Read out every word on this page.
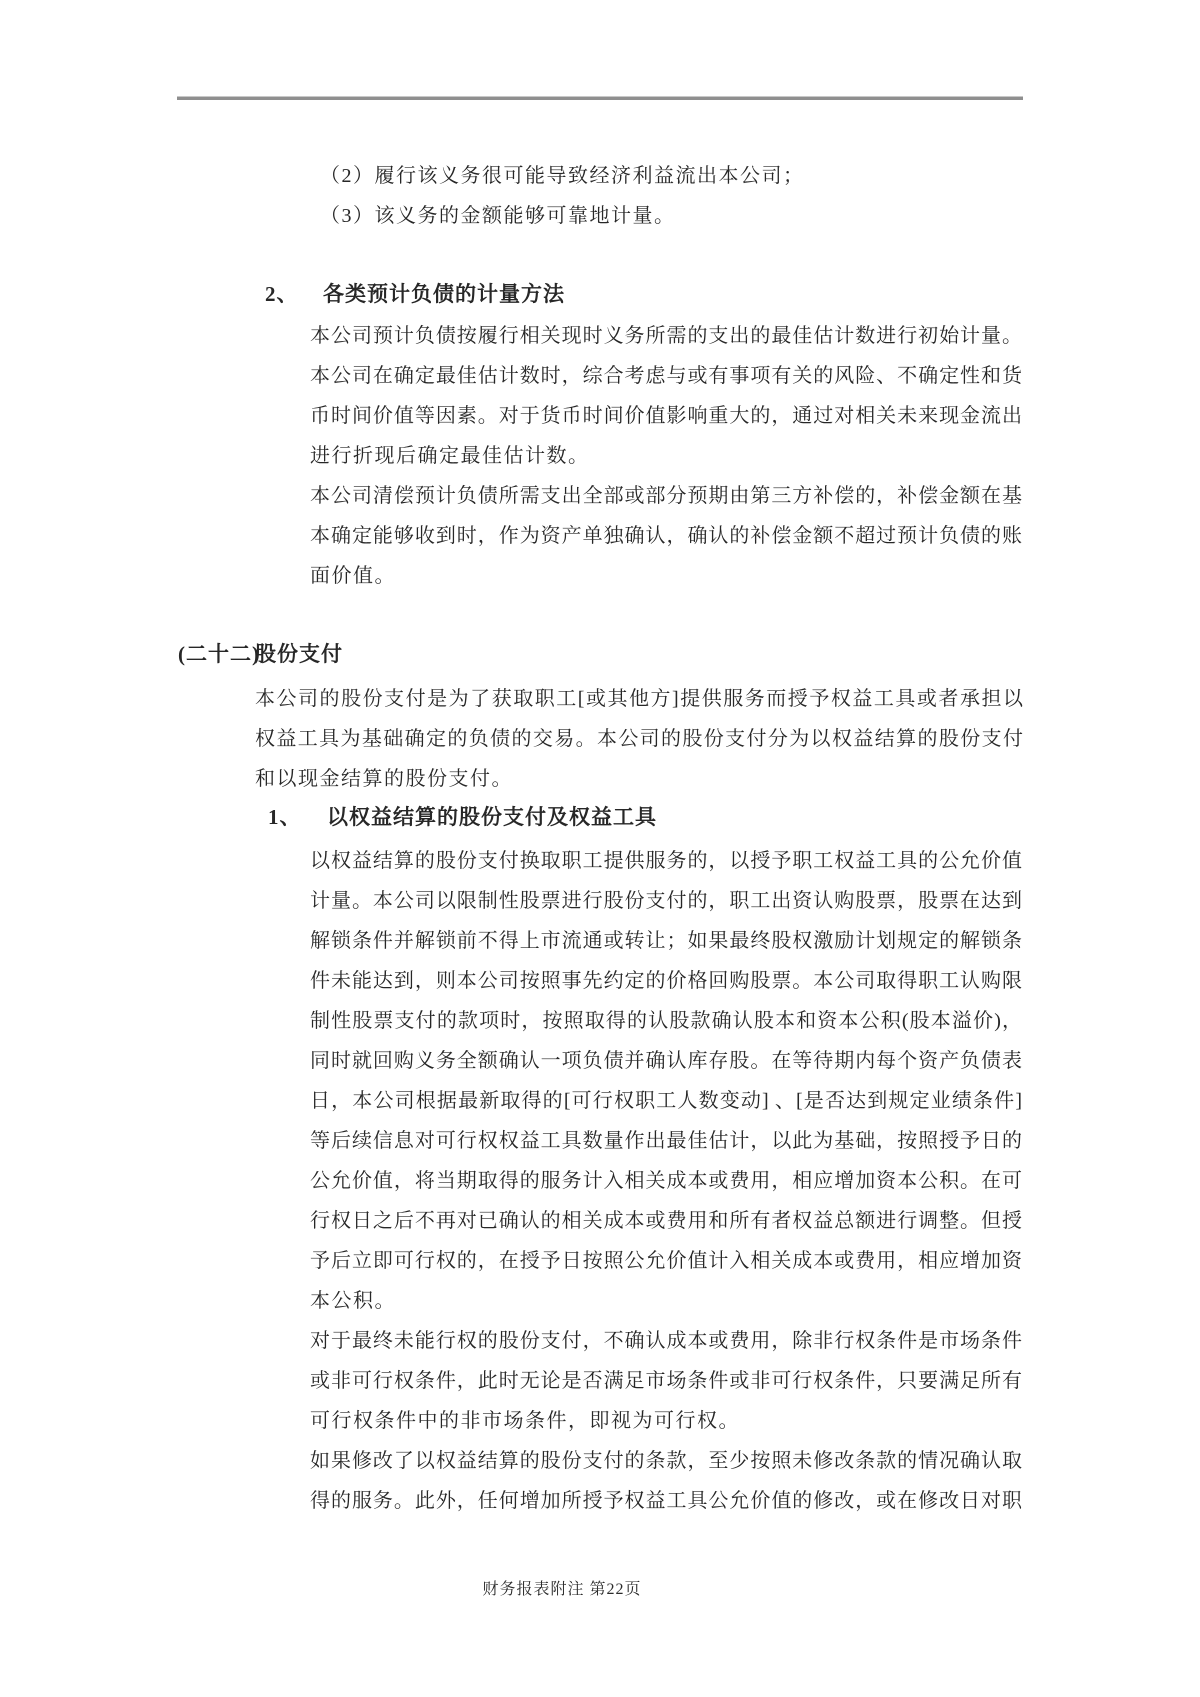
（2）履行该义务很可能导致经济利益流出本公司；
（3）该义务的金额能够可靠地计量。
2、 各类预计负债的计量方法
本公司预计负债按履行相关现时义务所需的支出的最佳估计数进行初始计量。
本公司在确定最佳估计数时，综合考虑与或有事项有关的风险、不确定性和货
币时间价值等因素。对于货币时间价值影响重大的，通过对相关未来现金流出
进行折现后确定最佳估计数。
本公司清偿预计负债所需支出全部或部分预期由第三方补偿的，补偿金额在基
本确定能够收到时，作为资产单独确认，确认的补偿金额不超过预计负债的账
面价值。
(二十二)股份支付
本公司的股份支付是为了获取职工[或其他方]提供服务而授予权益工具或者承担以
权益工具为基础确定的负债的交易。本公司的股份支付分为以权益结算的股份支付
和以现金结算的股份支付。
1、 以权益结算的股份支付及权益工具
以权益结算的股份支付换取职工提供服务的，以授予职工权益工具的公允价值
计量。本公司以限制性股票进行股份支付的，职工出资认购股票，股票在达到
解锁条件并解锁前不得上市流通或转让；如果最终股权激励计划规定的解锁条
件未能达到，则本公司按照事先约定的价格回购股票。本公司取得职工认购限
制性股票支付的款项时，按照取得的认股款确认股本和资本公积(股本溢价)，
同时就回购义务全额确认一项负债并确认库存股。在等待期内每个资产负债表
日，本公司根据最新取得的[可行权职工人数变动] 、[是否达到规定业绩条件]
等后续信息对可行权权益工具数量作出最佳估计，以此为基础，按照授予日的
公允价值，将当期取得的服务计入相关成本或费用，相应增加资本公积。在可
行权日之后不再对已确认的相关成本或费用和所有者权益总额进行调整。但授
予后立即可行权的，在授予日按照公允价值计入相关成本或费用，相应增加资
本公积。
对于最终未能行权的股份支付，不确认成本或费用，除非行权条件是市场条件
或非可行权条件，此时无论是否满足市场条件或非可行权条件，只要满足所有
可行权条件中的非市场条件，即视为可行权。
如果修改了以权益结算的股份支付的条款，至少按照未修改条款的情况确认取
得的服务。此外，任何增加所授予权益工具公允价值的修改，或在修改日对职
财务报表附注 第22页
